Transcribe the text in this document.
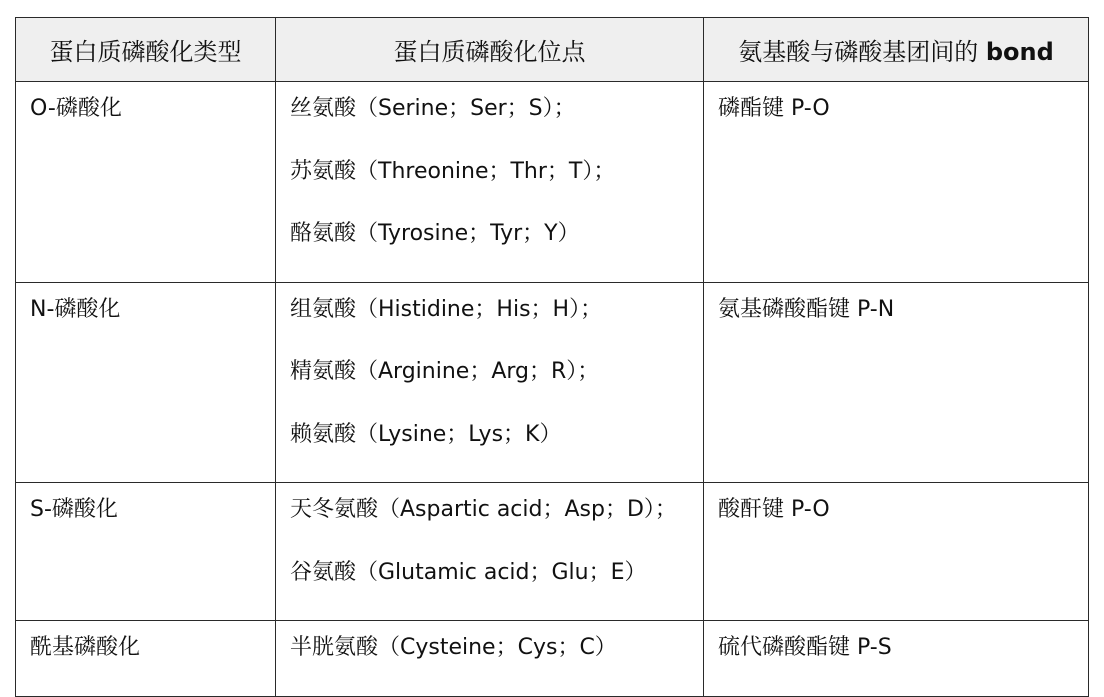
蛋白质磷酸化类型	蛋白质磷酸化位点	氨基酸与磷酸基团间的 bond

O-磷酸化	丝氨酸（Serine；Ser；S）；
苏氨酸（Threonine；Thr；T）；
酪氨酸（Tyrosine；Tyr；Y）	磷酯键 P-O

N-磷酸化	组氨酸（Histidine；His；H）；
精氨酸（Arginine；Arg；R）；
赖氨酸（Lysine；Lys；K）	氨基磷酸酯键 P-N

S-磷酸化	天冬氨酸（Aspartic acid；Asp；D）；
谷氨酸（Glutamic acid；Glu；E）	酸酐键 P-O

酰基磷酸化	半胱氨酸（Cysteine；Cys；C）	硫代磷酸酯键 P-S
